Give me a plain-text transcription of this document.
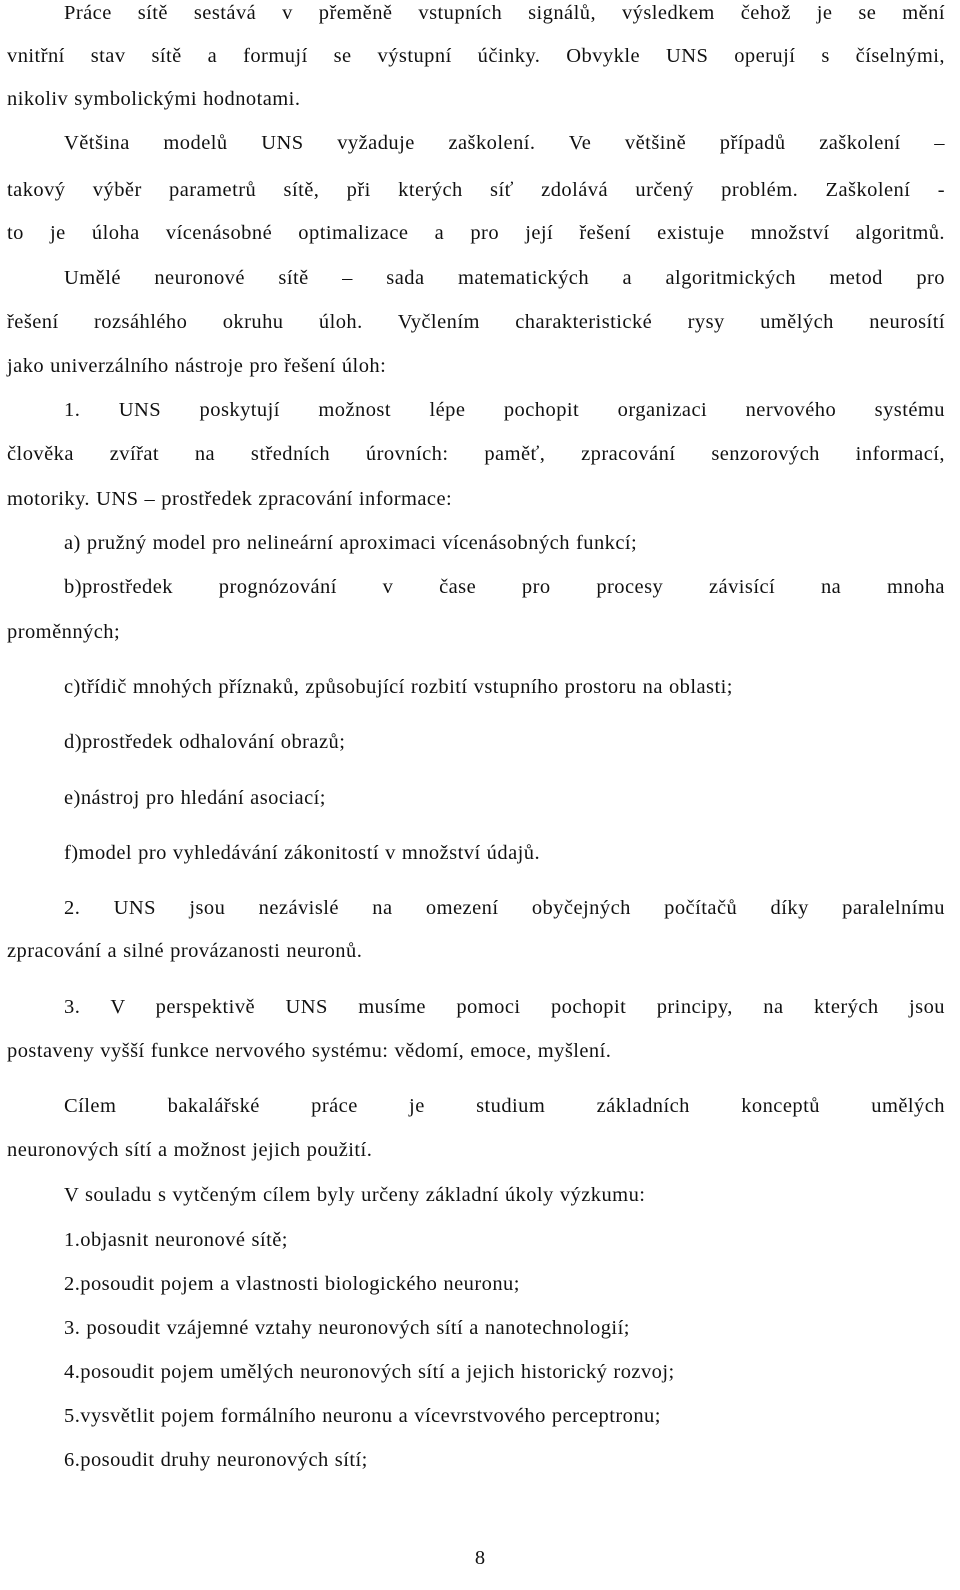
Práce sítě sestává v přeměně vstupních signálů, výsledkem čehož je se mění
vnitřní stav sítě a formují se výstupní účinky. Obvykle UNS operují s číselnými,
nikoliv symbolickými hodnotami.
Většina modelů UNS vyžaduje zaškolení. Ve většině případů zaškolení –
takový výběr parametrů sítě, při kterých síť zdolává určený problém. Zaškolení -
to je úloha vícenásobné optimalizace a pro její řešení existuje množství algoritmů.
Umělé neuronové sítě – sada matematických a algoritmických metod pro
řešení rozsáhlého okruhu úloh. Vyčlením charakteristické rysy umělých neurosítí
jako univerzálního nástroje pro řešení úloh:
1. UNS poskytují možnost lépe pochopit organizaci nervového systému
člověka zvířat na středních úrovních: paměť, zpracování senzorových informací,
motoriky. UNS – prostředek zpracování informace:
a) pružný model pro nelineární aproximaci vícenásobných funkcí;
b)prostředek prognózování v čase pro procesy závisící na mnoha
proměnných;
c)třídič mnohých příznaků, způsobující rozbití vstupního prostoru na oblasti;
d)prostředek odhalování obrazů;
e)nástroj pro hledání asociací;
f)model pro vyhledávání zákonitostí v množství údajů.
2. UNS jsou nezávislé na omezení obyčejných počítačů díky paralelnímu
zpracování a silné provázanosti neuronů.
3. V perspektivě UNS musíme pomoci pochopit principy, na kterých jsou
postaveny vyšší funkce nervového systému: vědomí, emoce, myšlení.
Cílem bakalářské práce je studium základních konceptů umělých
neuronových sítí a možnost jejich použití.
V souladu s vytčeným cílem byly určeny základní úkoly výzkumu:
1.objasnit neuronové sítě;
2.posoudit pojem a vlastnosti biologického neuronu;
3. posoudit vzájemné vztahy neuronových sítí a nanotechnologií;
4.posoudit pojem umělých neuronových sítí a jejich historický rozvoj;
5.vysvětlit pojem formálního neuronu a vícevrstvového perceptronu;
6.posoudit druhy neuronových sítí;
8
